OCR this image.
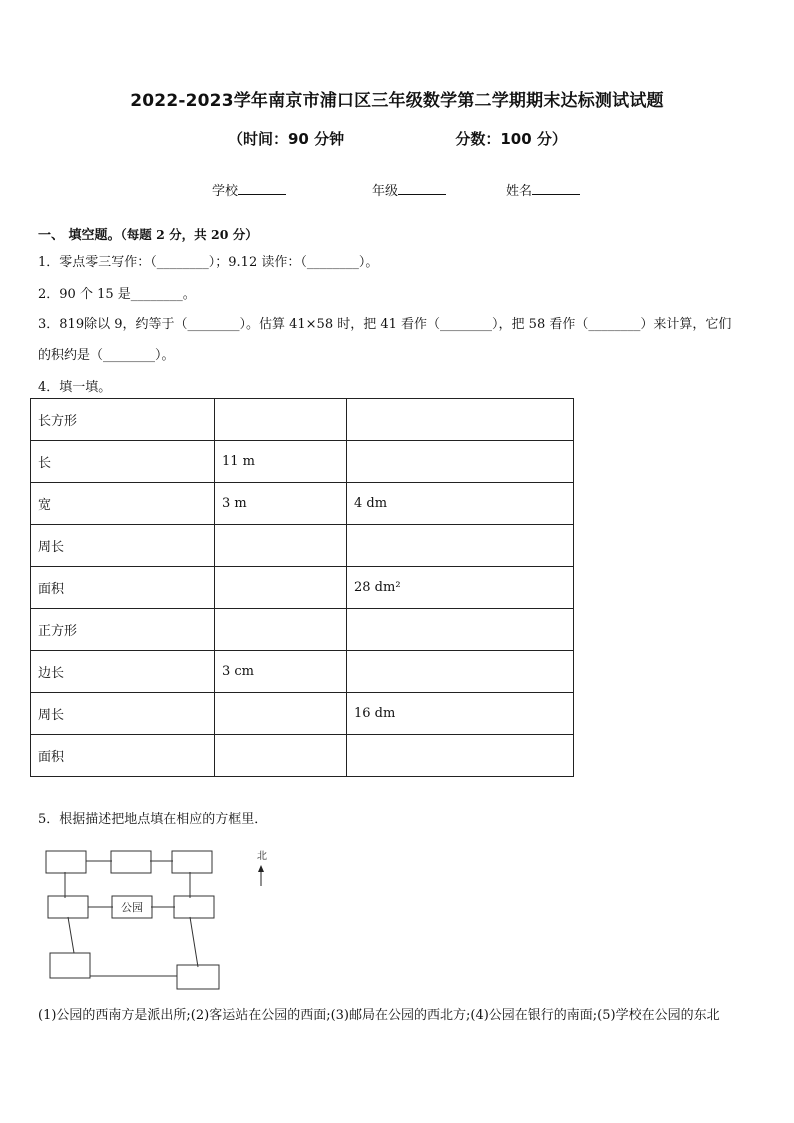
2022-2023学年南京市浦口区三年级数学第二学期期末达标测试试题
（时间：90 分钟	分数：100 分）
学校	年级	姓名
一、 填空题。（每题 2 分，共 20 分）
1．零点零三写作：（________）；9.12 读作：（________）。
2．90 个 15 是________。
3．819除以 9，约等于（________）。估算 41×58 时，把 41 看作（________），把 58 看作（________）来计算，它们
的积约是（________）。
4．填一填。
长方形		
长	11 m	
宽	3 m	4 dm
周长		
面积		28 dm²
正方形		
边长	3 cm	
周长		16 dm
面积		
5．根据描述把地点填在相应的方框里．
公园
北
(1)公园的西南方是派出所;(2)客运站在公园的西面;(3)邮局在公园的西北方;(4)公园在银行的南面;(5)学校在公园的东北
